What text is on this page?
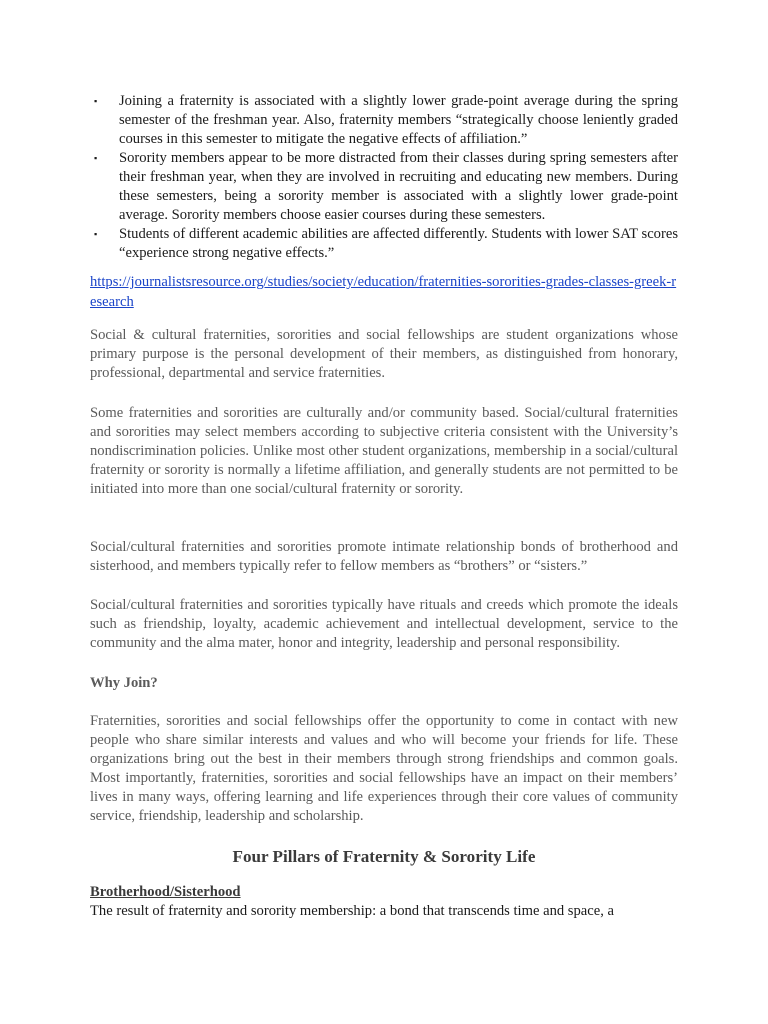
▪ Joining a fraternity is associated with a slightly lower grade-point average during the spring semester of the freshman year. Also, fraternity members “strategically choose leniently graded courses in this semester to mitigate the negative effects of affiliation.”
▪ Sorority members appear to be more distracted from their classes during spring semesters after their freshman year, when they are involved in recruiting and educating new members. During these semesters, being a sorority member is associated with a slightly lower grade-point average. Sorority members choose easier courses during these semesters.
▪ Students of different academic abilities are affected differently. Students with lower SAT scores “experience strong negative effects.”
https://journalistsresource.org/studies/society/education/fraternities-sororities-grades-classes-greek-research

Social & cultural fraternities, sororities and social fellowships are student organizations whose primary purpose is the personal development of their members, as distinguished from honorary, professional, departmental and service fraternities.

Some fraternities and sororities are culturally and/or community based. Social/cultural fraternities and sororities may select members according to subjective criteria consistent with the University’s nondiscrimination policies. Unlike most other student organizations, membership in a social/cultural fraternity or sorority is normally a lifetime affiliation, and generally students are not permitted to be initiated into more than one social/cultural fraternity or sorority.

Social/cultural fraternities and sororities promote intimate relationship bonds of brotherhood and sisterhood, and members typically refer to fellow members as “brothers” or “sisters.”

Social/cultural fraternities and sororities typically have rituals and creeds which promote the ideals such as friendship, loyalty, academic achievement and intellectual development, service to the community and the alma mater, honor and integrity, leadership and personal responsibility.

Why Join?

Fraternities, sororities and social fellowships offer the opportunity to come in contact with new people who share similar interests and values and who will become your friends for life. These organizations bring out the best in their members through strong friendships and common goals. Most importantly, fraternities, sororities and social fellowships have an impact on their members’ lives in many ways, offering learning and life experiences through their core values of community service, friendship, leadership and scholarship.

Four Pillars of Fraternity & Sorority Life
Brotherhood/Sisterhood

The result of fraternity and sorority membership: a bond that transcends time and space, a
